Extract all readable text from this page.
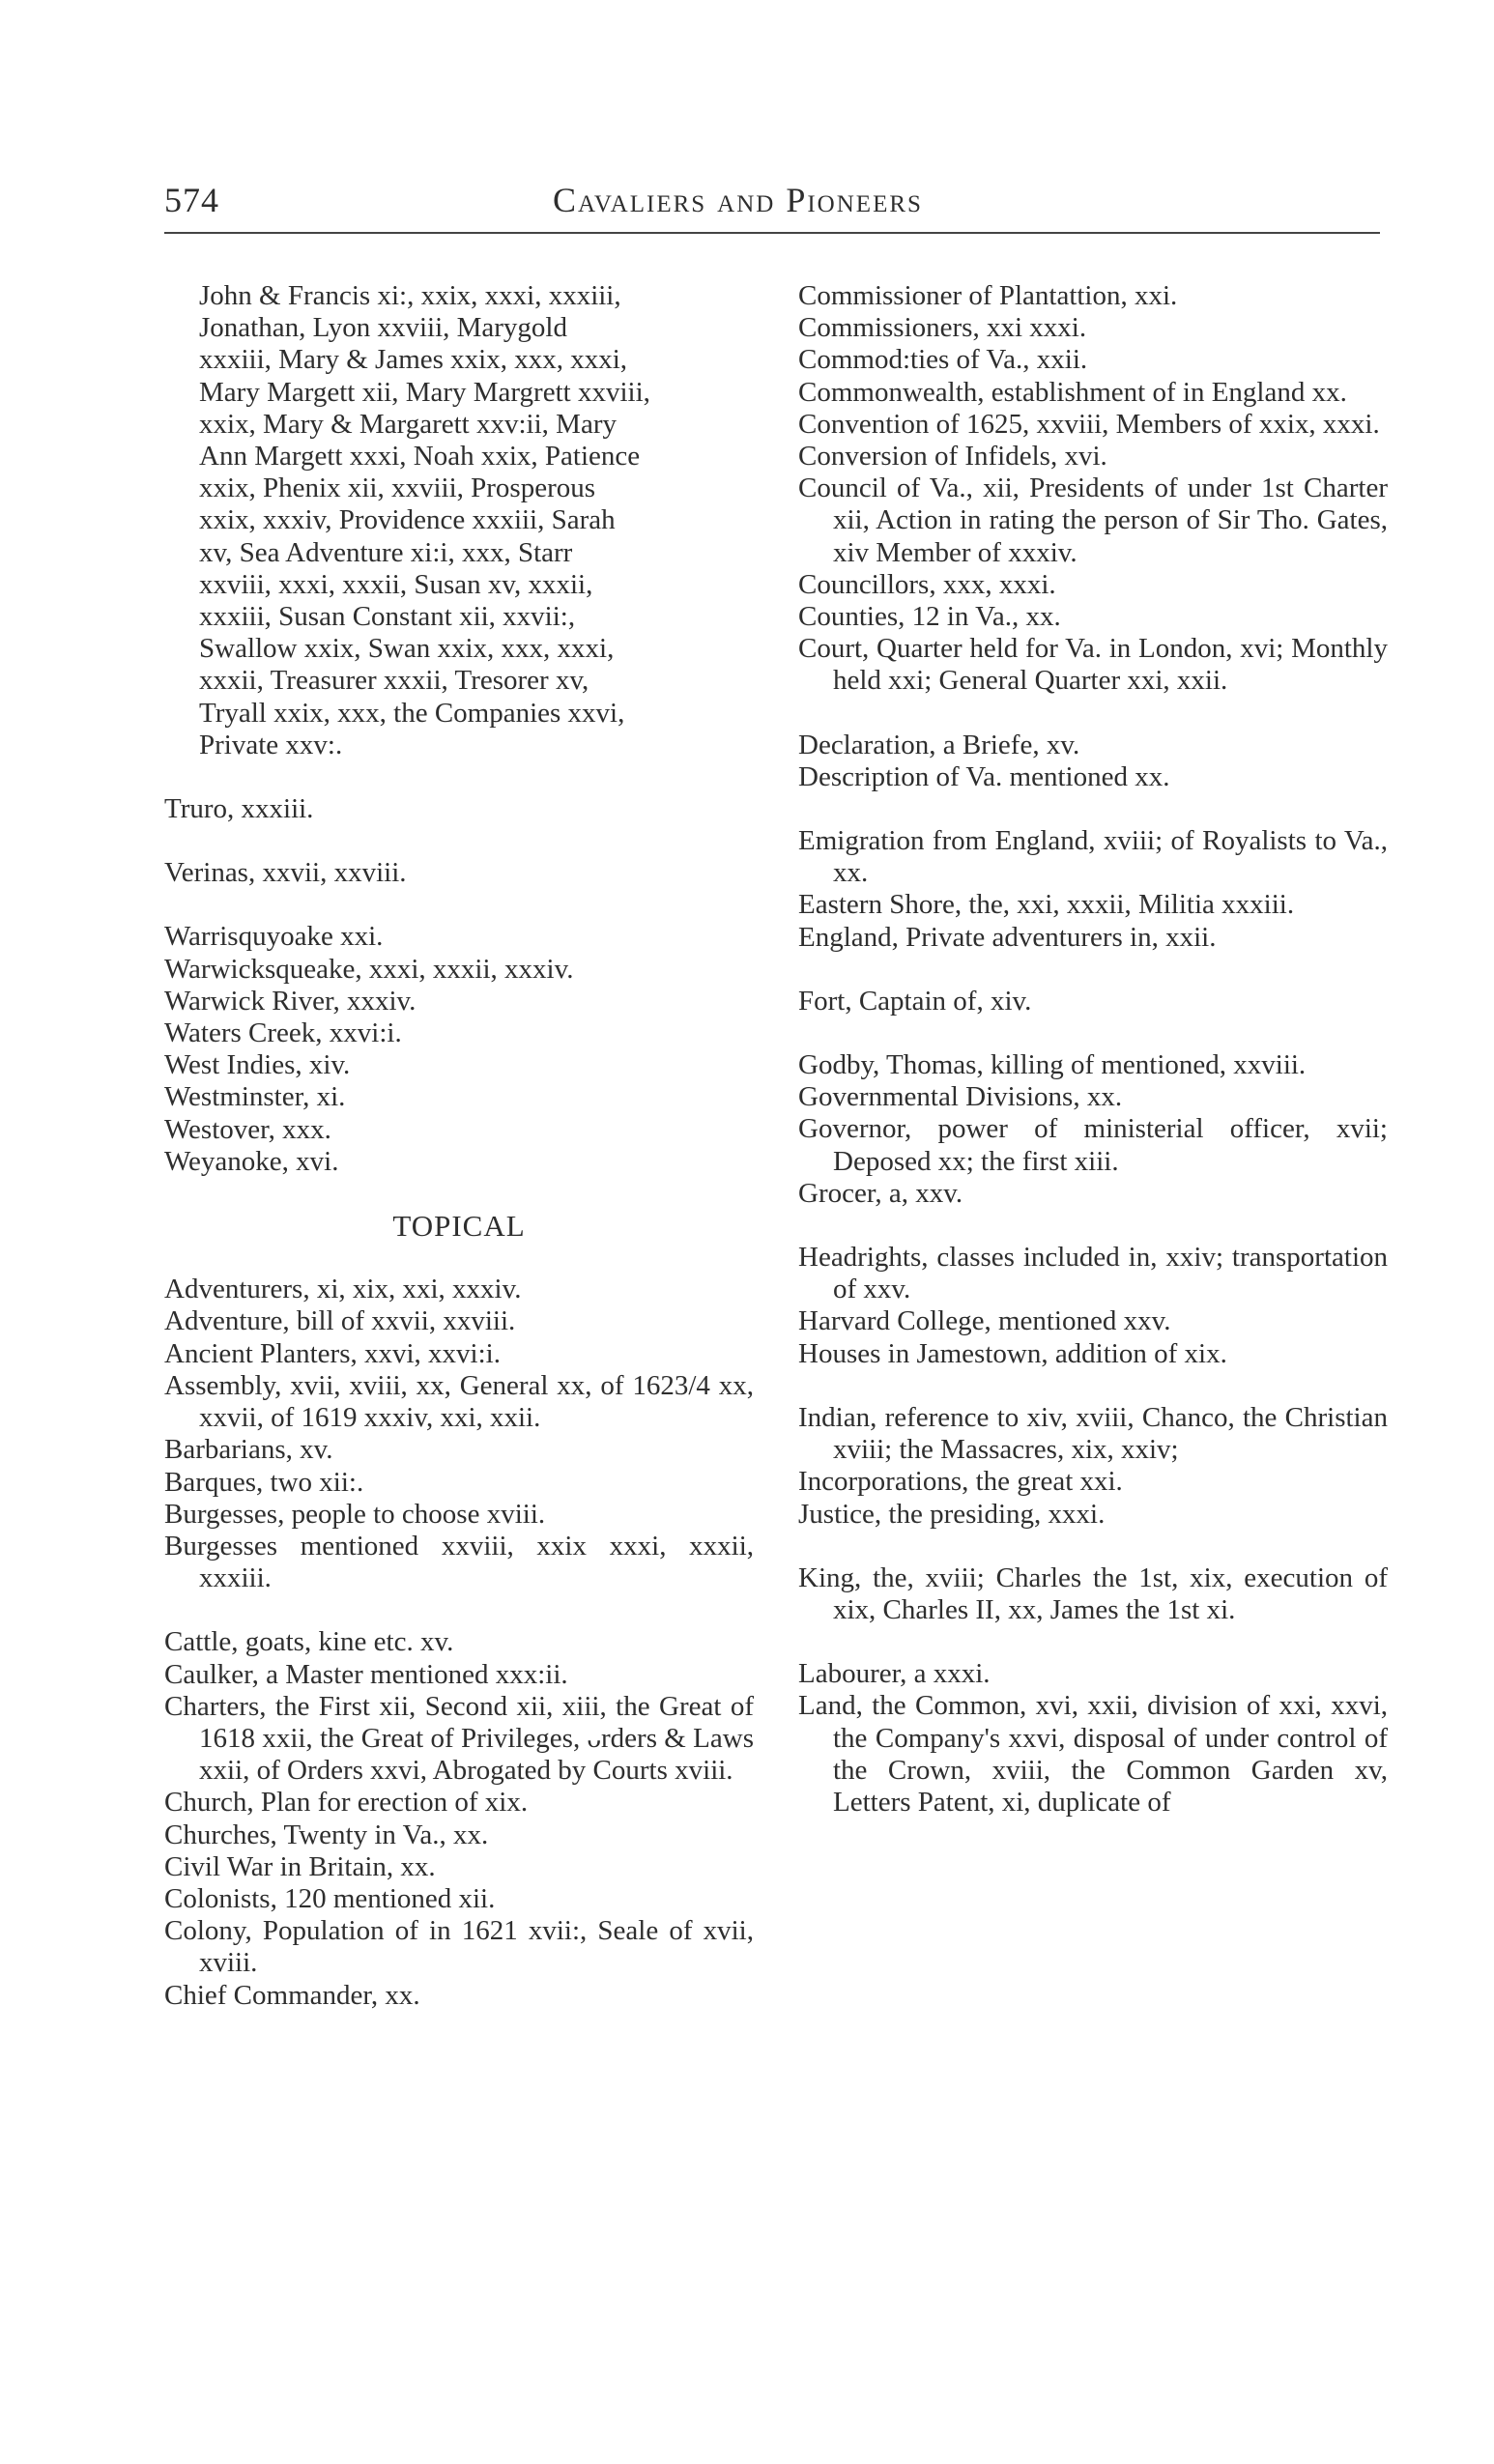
574	Cavaliers and Pioneers
John & Francis xi:, xxix, xxxi, xxxiii,
Jonathan, Lyon xxviii, Marygold
xxxiii, Mary & James xxix, xxx, xxxi,
Mary Margett xii, Mary Margrett xxviii,
xxix, Mary & Margarett xxv:ii, Mary
Ann Margett xxxi, Noah xxix, Patience
xxix, Phenix xii, xxviii, Prosperous
xxix, xxxiv, Providence xxxiii, Sarah
xv, Sea Adventure xi:i, xxx, Starr
xxviii, xxxi, xxxii, Susan xv, xxxii,
xxxiii, Susan Constant xii, xxvii:,
Swallow xxix, Swan xxix, xxx, xxxi,
xxxii, Treasurer xxxii, Tresorer xv,
Tryall xxix, xxx, the Companies xxvi,
Private xxv:.
Truro, xxxiii.
Verinas, xxvii, xxviii.
Warrisquyoake xxi.
Warwicksqueake, xxxi, xxxii, xxxiv.
Warwick River, xxxiv.
Waters Creek, xxvi:i.
West Indies, xiv.
Westminster, xi.
Westover, xxx.
Weyanoke, xvi.
TOPICAL
Adventurers, xi, xix, xxi, xxxiv.
Adventure, bill of xxvii, xxviii.
Ancient Planters, xxvi, xxvi:i.
Assembly, xvii, xviii, xx, General xx, of 1623/4 xx, xxvii, of 1619 xxxiv, xxi, xxii.
Barbarians, xv.
Barques, two xii:.
Burgesses, people to choose xviii.
Burgesses mentioned xxviii, xxix xxxi, xxxii, xxxiii.
Cattle, goats, kine etc. xv.
Caulker, a Master mentioned xxx:ii.
Charters, the First xii, Second xii, xiii, the Great of 1618 xxii, the Great of Privileges, ᴗrders & Laws xxii, of Orders xxvi, Abrogated by Courts xviii.
Church, Plan for erection of xix.
Churches, Twenty in Va., xx.
Civil War in Britain, xx.
Colonists, 120 mentioned xii.
Colony, Population of in 1621 xvii:, Seale of xvii, xviii.
Chief Commander, xx.
Commissioner of Plantattion, xxi.
Commissioners, xxi xxxi.
Commod:ties of Va., xxii.
Commonwealth, establishment of in England xx.
Convention of 1625, xxviii, Members of xxix, xxxi.
Conversion of Infidels, xvi.
Council of Va., xii, Presidents of under 1st Charter xii, Action in rating the person of Sir Tho. Gates, xiv Member of xxxiv.
Councillors, xxx, xxxi.
Counties, 12 in Va., xx.
Court, Quarter held for Va. in London, xvi; Monthly held xxi; General Quarter xxi, xxii.
Declaration, a Briefe, xv.
Description of Va. mentioned xx.
Emigration from England, xviii; of Royalists to Va., xx.
Eastern Shore, the, xxi, xxxii, Militia xxxiii.
England, Private adventurers in, xxii.
Fort, Captain of, xiv.
Godby, Thomas, killing of mentioned, xxviii.
Governmental Divisions, xx.
Governor, power of ministerial officer, xvii; Deposed xx; the first xiii.
Grocer, a, xxv.
Headrights, classes included in, xxiv; transportation of xxv.
Harvard College, mentioned xxv.
Houses in Jamestown, addition of xix.
Indian, reference to xiv, xviii, Chanco, the Christian xviii; the Massacres, xix, xxiv;
Incorporations, the great xxi.
Justice, the presiding, xxxi.
King, the, xviii; Charles the 1st, xix, execution of xix, Charles II, xx, James the 1st xi.
Labourer, a xxxi.
Land, the Common, xvi, xxii, division of xxi, xxvi, the Company's xxvi, disposal of under control of the Crown, xviii, the Common Garden xv, Letters Patent, xi, duplicate of
